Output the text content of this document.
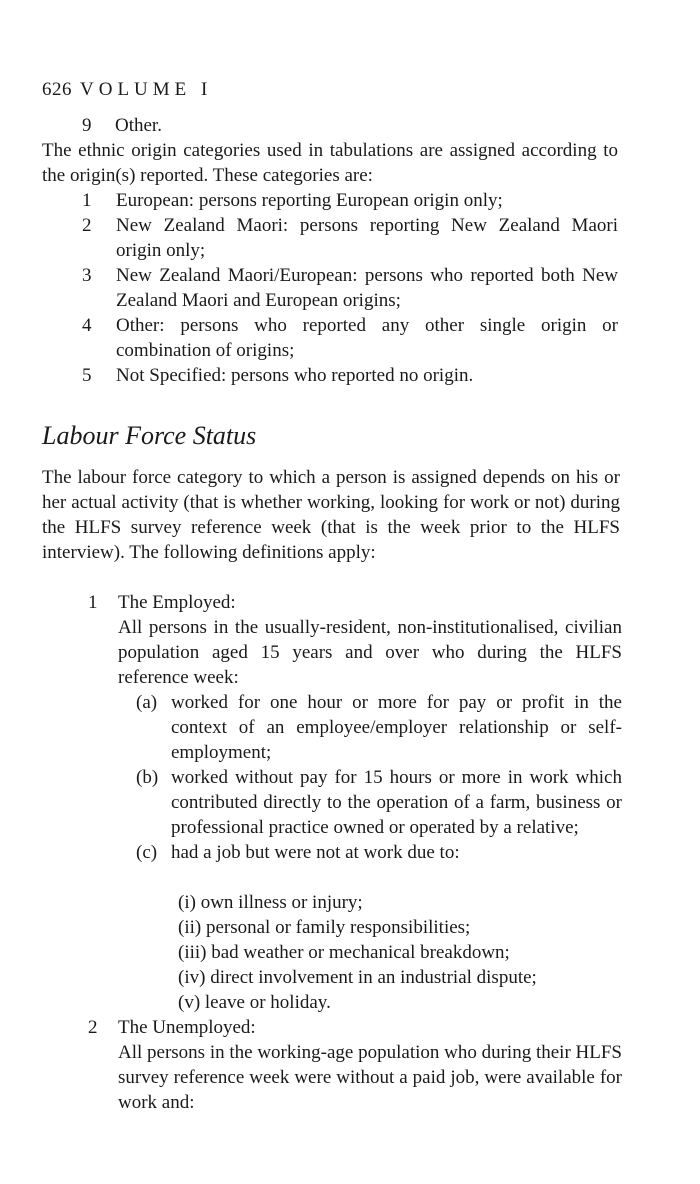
626 VOLUME I
9	Other.
The ethnic origin categories used in tabulations are assigned according to the origin(s) reported. These categories are:
1	European: persons reporting European origin only;
2	New Zealand Maori: persons reporting New Zealand Maori origin only;
3	New Zealand Maori/European: persons who reported both New Zealand Maori and European origins;
4	Other: persons who reported any other single origin or combination of origins;
5	Not Specified: persons who reported no origin.
Labour Force Status
The labour force category to which a person is assigned depends on his or her actual activity (that is whether working, looking for work or not) during the HLFS survey reference week (that is the week prior to the HLFS interview). The following definitions apply:
1	The Employed:
All persons in the usually-resident, non-institutionalised, civilian population aged 15 years and over who during the HLFS reference week:
(a) worked for one hour or more for pay or profit in the context of an employee/employer relationship or self-employment;
(b) worked without pay for 15 hours or more in work which contributed directly to the operation of a farm, business or professional practice owned or operated by a relative;
(c) had a job but were not at work due to:
(i) own illness or injury;
(ii) personal or family responsibilities;
(iii) bad weather or mechanical breakdown;
(iv) direct involvement in an industrial dispute;
(v) leave or holiday.
2	The Unemployed:
All persons in the working-age population who during their HLFS survey reference week were without a paid job, were available for work and:
